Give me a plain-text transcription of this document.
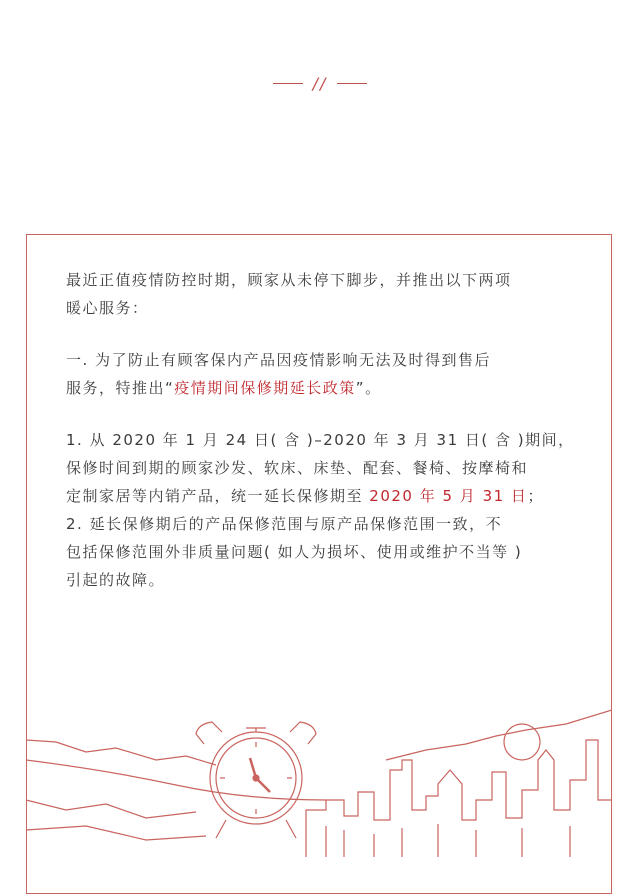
//

最近正值疫情防控时期，顾家从未停下脚步，并推出以下两项

暖心服务：

一. 为了防止有顾客保内产品因疫情影响无法及时得到售后

服务，特推出“疫情期间保修期延长政策”。

1. 从 2020 年 1 月 24 日( 含 )–2020 年 3 月 31 日( 含 )期间，

保修时间到期的顾家沙发、软床、床垫、配套、餐椅、按摩椅和

定制家居等内销产品，统一延长保修期至 2020 年 5 月 31 日；

2. 延长保修期后的产品保修范围与原产品保修范围一致，不

包括保修范围外非质量问题( 如人为损坏、使用或维护不当等 )

引起的故障。
